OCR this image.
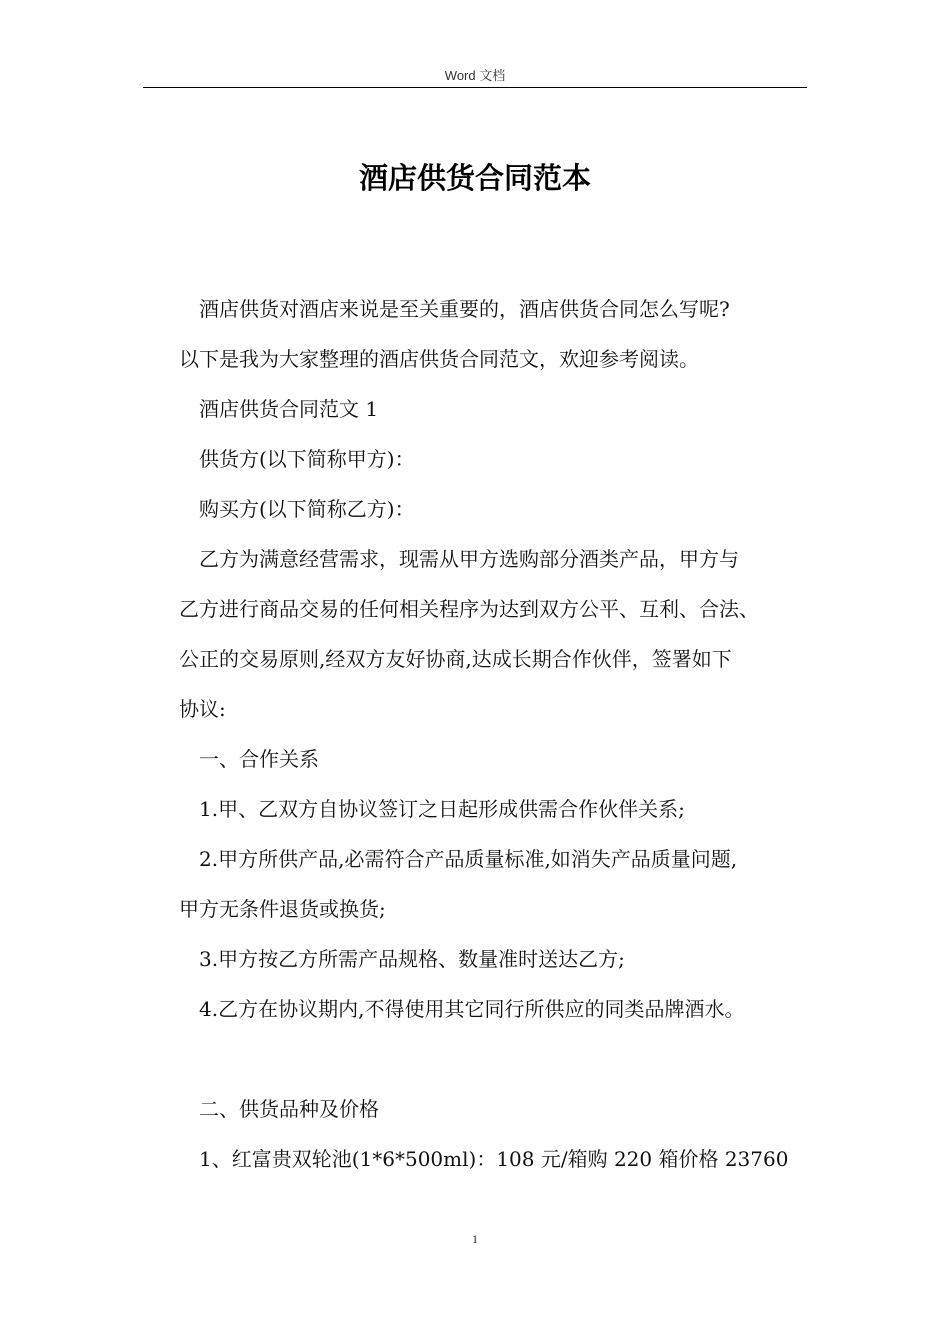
Word 文档
酒店供货合同范本
酒店供货对酒店来说是至关重要的，酒店供货合同怎么写呢?
以下是我为大家整理的酒店供货合同范文，欢迎参考阅读。
酒店供货合同范文 1
供货方(以下简称甲方)：
购买方(以下简称乙方)：
乙方为满意经营需求，现需从甲方选购部分酒类产品，甲方与
乙方进行商品交易的任何相关程序为达到双方公平、互利、合法、
公正的交易原则,经双方友好协商,达成长期合作伙伴，签署如下
协议:
一、合作关系
1.甲、乙双方自协议签订之日起形成供需合作伙伴关系;
2.甲方所供产品,必需符合产品质量标准,如消失产品质量问题,
甲方无条件退货或换货;
3.甲方按乙方所需产品规格、数量准时送达乙方;
4.乙方在协议期内,不得使用其它同行所供应的同类品牌酒水。
二、供货品种及价格
1、红富贵双轮池(1*6*500ml)：108 元/箱购 220 箱价格 23760
1
